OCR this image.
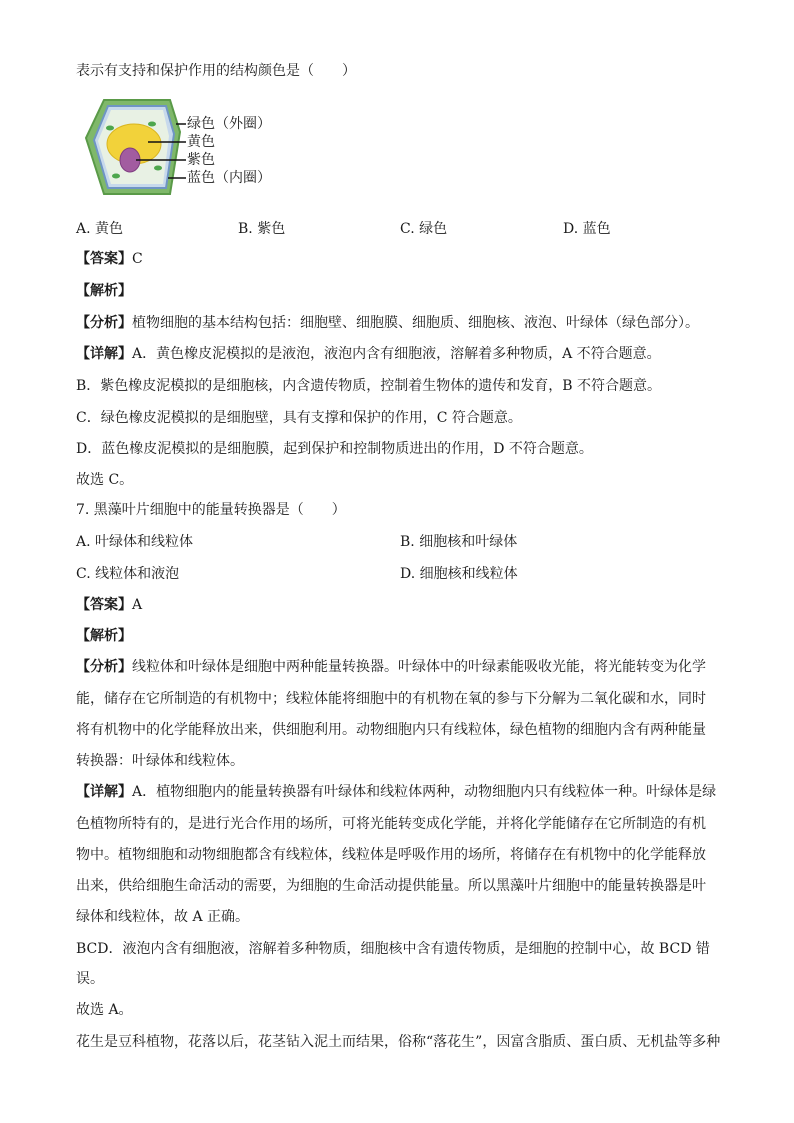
表示有支持和保护作用的结构颜色是（　　）
绿色（外圈）
黄色
紫色
蓝色（内圈）
A. 黄色	B. 紫色	C. 绿色	D. 蓝色
【答案】C
【解析】
【分析】植物细胞的基本结构包括：细胞壁、细胞膜、细胞质、细胞核、液泡、叶绿体（绿色部分）。
【详解】A．黄色橡皮泥模拟的是液泡，液泡内含有细胞液，溶解着多种物质，A 不符合题意。
B．紫色橡皮泥模拟的是细胞核，内含遗传物质，控制着生物体的遗传和发育，B 不符合题意。
C．绿色橡皮泥模拟的是细胞壁，具有支撑和保护的作用，C 符合题意。
D．蓝色橡皮泥模拟的是细胞膜，起到保护和控制物质进出的作用，D 不符合题意。
故选 C。
7. 黑藻叶片细胞中的能量转换器是（　　）
A. 叶绿体和线粒体	B. 细胞核和叶绿体
C. 线粒体和液泡	D. 细胞核和线粒体
【答案】A
【解析】
【分析】线粒体和叶绿体是细胞中两种能量转换器。叶绿体中的叶绿素能吸收光能，将光能转变为化学
能，储存在它所制造的有机物中；线粒体能将细胞中的有机物在氧的参与下分解为二氧化碳和水，同时
将有机物中的化学能释放出来，供细胞利用。动物细胞内只有线粒体，绿色植物的细胞内含有两种能量
转换器：叶绿体和线粒体。
【详解】A．植物细胞内的能量转换器有叶绿体和线粒体两种，动物细胞内只有线粒体一种。叶绿体是绿
色植物所特有的，是进行光合作用的场所，可将光能转变成化学能，并将化学能储存在它所制造的有机
物中。植物细胞和动物细胞都含有线粒体，线粒体是呼吸作用的场所，将储存在有机物中的化学能释放
出来，供给细胞生命活动的需要，为细胞的生命活动提供能量。所以黑藻叶片细胞中的能量转换器是叶
绿体和线粒体，故 A 正确。
BCD．液泡内含有细胞液，溶解着多种物质，细胞核中含有遗传物质，是细胞的控制中心，故 BCD 错
误。
故选 A。
花生是豆科植物，花落以后，花茎钻入泥土而结果，俗称“落花生”，因富含脂质、蛋白质、无机盐等多种
